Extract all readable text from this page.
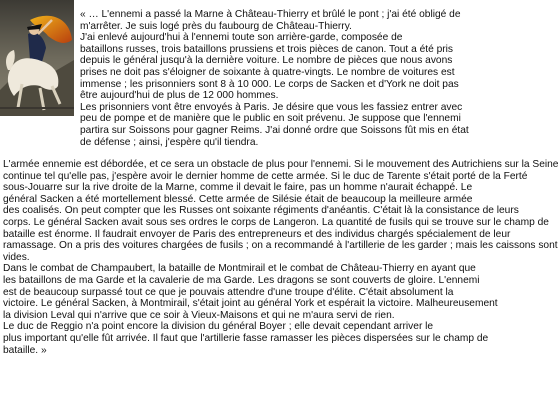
« … L'ennemi a passé la Marne à Château-Thierry et brûlé le pont ; j'ai été obligé de
m'arrêter. Je suis logé près du faubourg de Château-Thierry.
J'ai enlevé aujourd'hui à l'ennemi toute son arrière-garde, composée de
bataillons russes, trois bataillons prussiens et trois pièces de canon. Tout a été pris
depuis le général jusqu'à la dernière voiture. Le nombre de pièces que nous avons
prises ne doit pas s'éloigner de soixante à quatre-vingts. Le nombre de voitures est
immense ; les prisonniers sont 8 à 10 000. Le corps de Sacken et d'York ne doit pas
être aujourd'hui de plus de 12 000 hommes.
Les prisonniers vont être envoyés à Paris. Je désire que vous les fassiez entrer avec
peu de pompe et de manière que le public en soit prévenu. Je suppose que l'ennemi
partira sur Soissons pour gagner Reims. J'ai donné ordre que Soissons fût mis en état
de défense ; ainsi, j'espère qu'il tiendra.
L'armée ennemie est débordée, et ce sera un obstacle de plus pour l'ennemi. Si le mouvement des Autrichiens sur la Seine
continue tel qu'elle pas, j'espère avoir le dernier homme de cette armée. Si le duc de Tarente s'était porté de la Ferté
sous-Jouarre sur la rive droite de la Marne, comme il devait le faire, pas un homme n'aurait échappé. Le
général Sacken a été mortellement blessé. Cette armée de Silésie était de beaucoup la meilleure armée
des coalisés. On peut compter que les Russes ont soixante régiments d'anéantis. C'était là la consistance de leurs
corps. Le général Sacken avait sous ses ordres le corps de Langeron. La quantité de fusils qui se trouve sur le champ de
bataille est énorme. Il faudrait envoyer de Paris des entrepreneurs et des individus chargés spécialement de leur
ramassage. On a pris des voitures chargées de fusils ; on a recommandé à l'artillerie de les garder ; mais les caissons sont
vides.
Dans le combat de Champaubert, la bataille de Montmirail et le combat de Château-Thierry en ayant que
les bataillons de ma Garde et la cavalerie de ma Garde. Les dragons se sont couverts de gloire. L'ennemi
est de beaucoup surpassé tout ce que je pouvais attendre d'une troupe d'élite. C'était absolument la
victoire. Le général Sacken, à Montmirail, s'était joint au général York et espérait la victoire. Malheureusement
la division Leval qui n'arrive que ce soir à Vieux-Maisons et qui ne m'aura servi de rien.
Le duc de Reggio n'a point encore la division du général Boyer ; elle devait cependant arriver le
plus important qu'elle fût arrivée. Il faut que l'artillerie fasse ramasser les pièces dispersées sur le champ de
bataille. »
